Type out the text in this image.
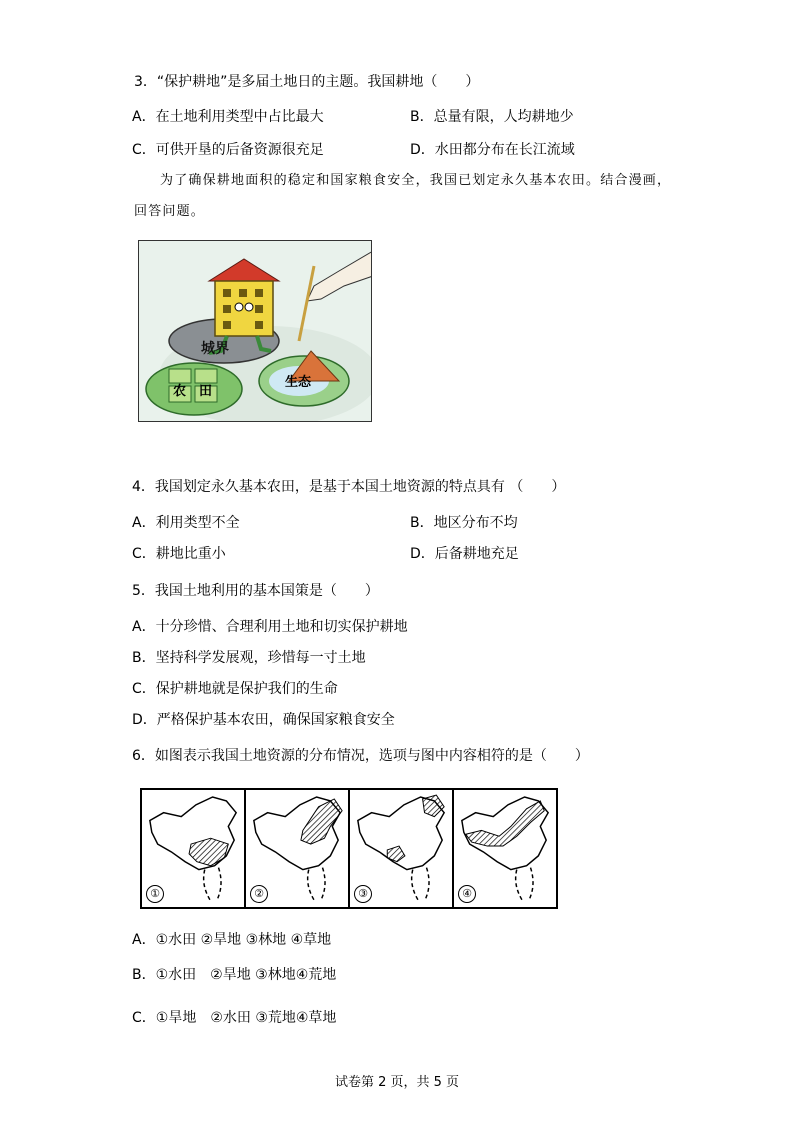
3．“保护耕地”是多届土地日的主题。我国耕地（　　）
A．在土地利用类型中占比最大	B．总量有限，人均耕地少
C．可供开垦的后备资源很充足	D．水田都分布在长江流域
为了确保耕地面积的稳定和国家粮食安全，我国已划定永久基本农田。结合漫画，
回答问题。
城界
农 田
生态
4．我国划定永久基本农田，是基于本国土地资源的特点具有 （　　）
A．利用类型不全	B．地区分布不均
C．耕地比重小	D．后备耕地充足
5．我国土地利用的基本国策是（　　）
A．十分珍惜、合理利用土地和切实保护耕地
B．坚持科学发展观，珍惜每一寸土地
C．保护耕地就是保护我们的生命
D．严格保护基本农田，确保国家粮食安全
6．如图表示我国土地资源的分布情况，选项与图中内容相符的是（　　）
①	②	③	④
A．①水田 ②旱地 ③林地 ④草地
B．①水田　②旱地 ③林地④荒地
C．①旱地　②水田 ③荒地④草地
试卷第 2 页，共 5 页
